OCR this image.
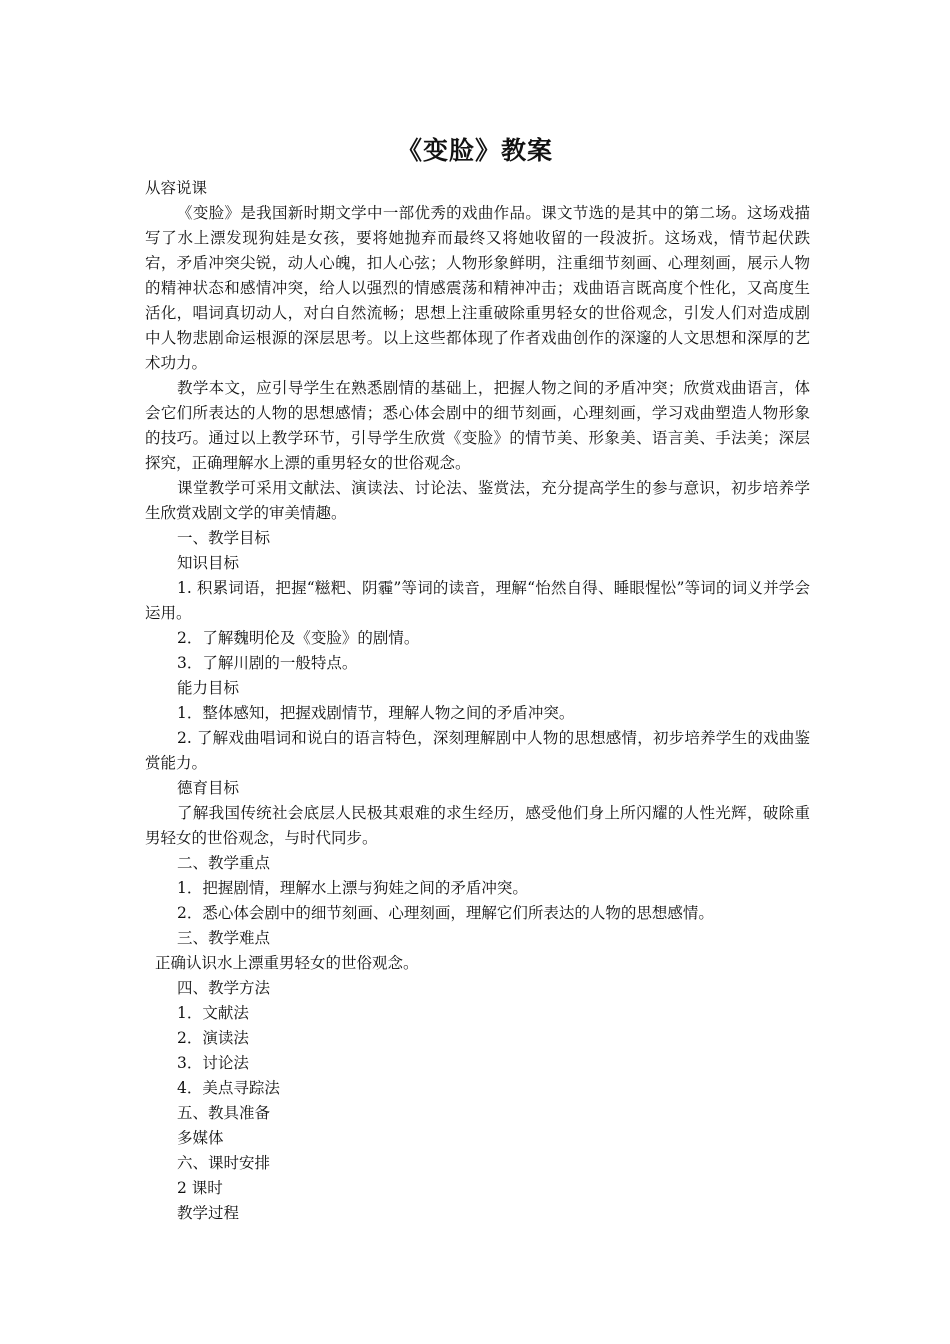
《变脸》教案

从容说课

《变脸》是我国新时期文学中一部优秀的戏曲作品。课文节选的是其中的第二场。这场戏描写了水上漂发现狗娃是女孩，要将她抛弃而最终又将她收留的一段波折。这场戏，情节起伏跌宕，矛盾冲突尖锐，动人心魄，扣人心弦；人物形象鲜明，注重细节刻画、心理刻画，展示人物的精神状态和感情冲突，给人以强烈的情感震荡和精神冲击；戏曲语言既高度个性化，又高度生活化，唱词真切动人，对白自然流畅；思想上注重破除重男轻女的世俗观念，引发人们对造成剧中人物悲剧命运根源的深层思考。以上这些都体现了作者戏曲创作的深邃的人文思想和深厚的艺术功力。

教学本文，应引导学生在熟悉剧情的基础上，把握人物之间的矛盾冲突；欣赏戏曲语言，体会它们所表达的人物的思想感情；悉心体会剧中的细节刻画，心理刻画，学习戏曲塑造人物形象的技巧。通过以上教学环节，引导学生欣赏《变脸》的情节美、形象美、语言美、手法美；深层探究，正确理解水上漂的重男轻女的世俗观念。

课堂教学可采用文献法、演读法、讨论法、鉴赏法，充分提高学生的参与意识，初步培养学生欣赏戏剧文学的审美情趣。

一、教学目标

知识目标

1. 积累词语，把握“糍粑、阴霾”等词的读音，理解“怡然自得、睡眼惺忪”等词的词义并学会运用。

2．了解魏明伦及《变脸》的剧情。

3．了解川剧的一般特点。

能力目标

1．整体感知，把握戏剧情节，理解人物之间的矛盾冲突。

2. 了解戏曲唱词和说白的语言特色，深刻理解剧中人物的思想感情，初步培养学生的戏曲鉴赏能力。

德育目标

了解我国传统社会底层人民极其艰难的求生经历，感受他们身上所闪耀的人性光辉，破除重男轻女的世俗观念，与时代同步。

二、教学重点

1．把握剧情，理解水上漂与狗娃之间的矛盾冲突。

2．悉心体会剧中的细节刻画、心理刻画，理解它们所表达的人物的思想感情。

三、教学难点

正确认识水上漂重男轻女的世俗观念。

四、教学方法

1．文献法

2．演读法

3．讨论法

4．美点寻踪法

五、教具准备

多媒体

六、课时安排

2 课时

教学过程
